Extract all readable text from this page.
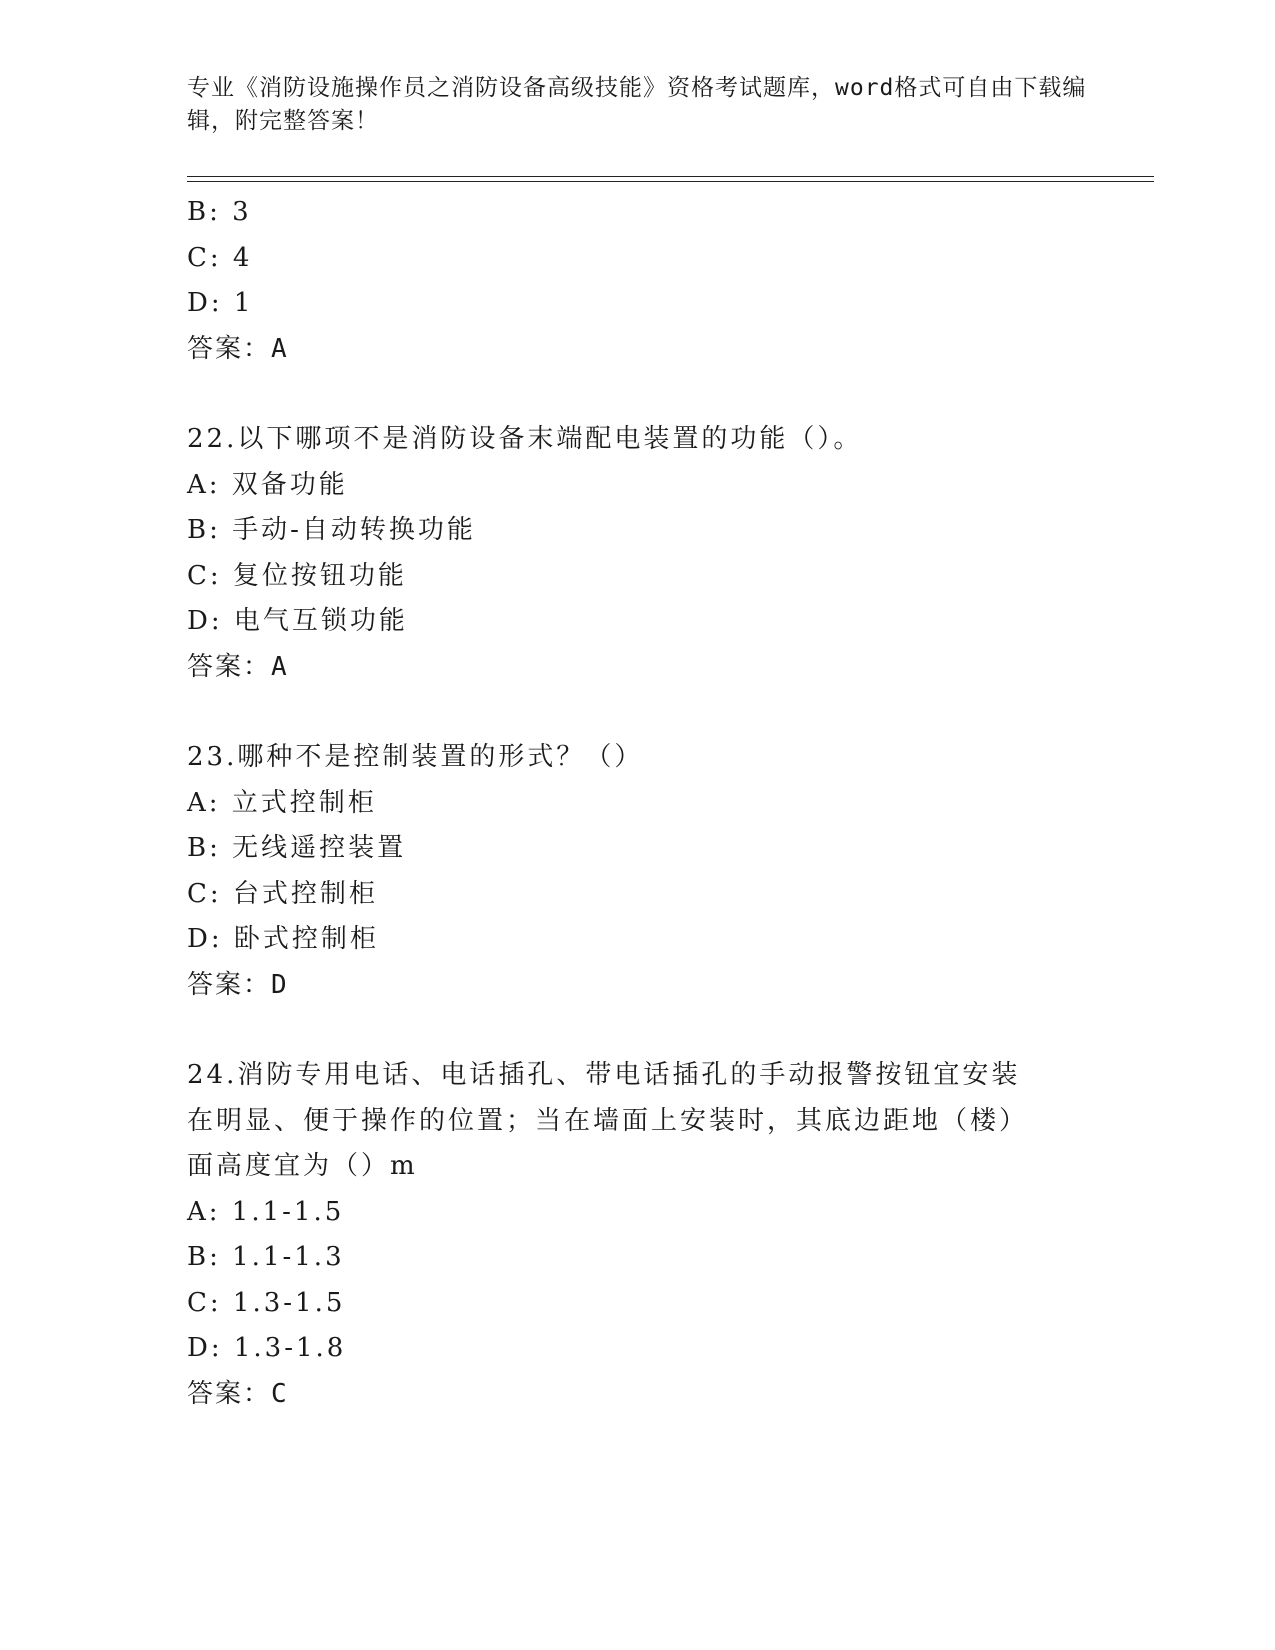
专业《消防设施操作员之消防设备高级技能》资格考试题库，word格式可自由下载编辑，附完整答案！
B: 3
C: 4
D: 1
答案：A
22.以下哪项不是消防设备末端配电装置的功能（）。
A: 双备功能
B: 手动-自动转换功能
C: 复位按钮功能
D: 电气互锁功能
答案：A
23.哪种不是控制装置的形式？（）
A: 立式控制柜
B: 无线遥控装置
C: 台式控制柜
D: 卧式控制柜
答案：D
24.消防专用电话、电话插孔、带电话插孔的手动报警按钮宜安装在明显、便于操作的位置；当在墙面上安装时，其底边距地（楼）面高度宜为（）m
A: 1.1-1.5
B: 1.1-1.3
C: 1.3-1.5
D: 1.3-1.8
答案：C
